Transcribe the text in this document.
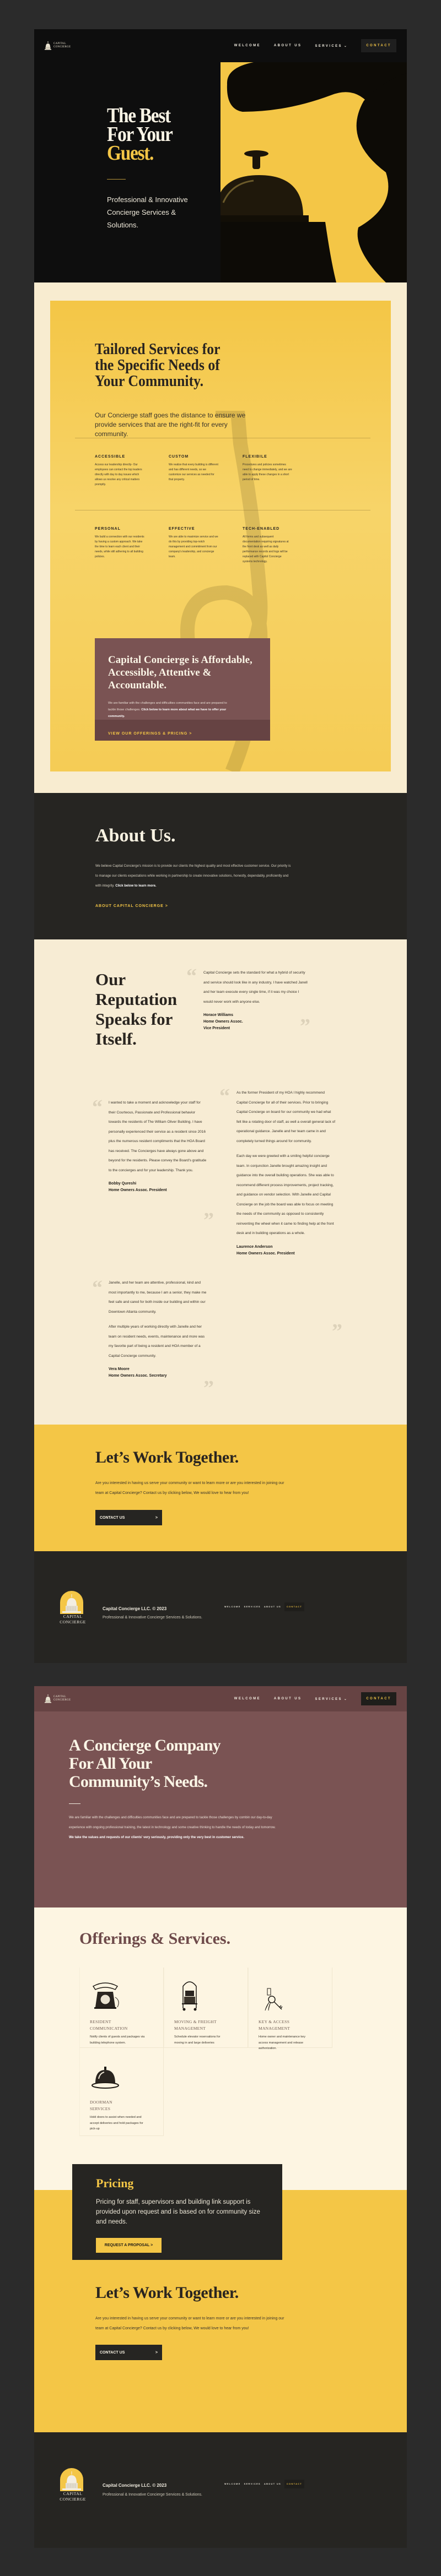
CAPITAL
CONCIERGE	WELCOME	ABOUT US	SERVICES ⌄	CONTACT
The Best
For Your
Guest.

Professional & Innovative Concierge Services & Solutions.

Tailored Services for the Specific Needs of Your Community.

Our Concierge staff goes the distance to ensure we provide services that are the right-fit for every community.

ACCESSIBLE

Access our leadership directly- Our employees can contact the top leaders directly with day to day issues which allows us resolve any critical matters promptly.

CUSTOM

We realize that every building is different and has different needs, so we customize our services as needed for that property.

FLEXIBILE

Procedures and policies sometimes need to change immediately, and we are able to apply these changes in a short period of time.

PERSONAL

We build a connection with our residents by having a custom approach. We take the time to learn each client and their needs, while still adhering to all building policies.

EFFECTIVE

We are able to maximize service and we do this by providing top-notch management and commitment from our company's leadership, and concierge team.

TECH-ENABLED

All forms and subsequent documentation requiring signatures at the front desk as well as daily performance records and logs will be replaced with Capitol Concierge systems technology.

Capital Concierge is Affordable, Accessible, Attentive & Accountable.

We are familiar with the challenges and difficulties communities face and are prepared to tackle those challenges. Click below to learn more about what we have to offer your community.

VIEW OUR OFFERINGS & PRICING >
About Us.

We believe Capital Concierge's mission is to provide our clients the highest quality and most effective customer service. Our priority is to manage our clients expectations while working in partnership to create innovative solutions, honestly, dependably, proficiently and with integrity. Click below to learn more.

ABOUT CAPITAL CONCIERGE >
Our Reputation Speaks for Itself.
“ Capital Concierge sets the standard for what a hybrid of security and service should look like in any industry, I have watched Janell and her team execute every single time, if it was my choice I would never work with anyone else.
Horace Williams
Home Owners Assoc.
Vice President	”
“ I wanted to take a moment and acknowledge your staff for their Courteous, Passionate and Professional behavior towards the residents of The William Oliver Building. I have personally experienced their service as a resident since 2016 plus the numerous resident compliments that the HOA Board has received. The Concierges have always gone above and beyond for the residents. Please convey the Board's gratitude to the concierges and for your leadership. Thank you.
Bobby Qureshi
Home Owners Assoc. President
”
“ As the former President of my HOA I highly recommend Capital Concierge for all of their services. Prior to bringing Capital Concierge on board for our community we had what felt like a rotating door of staff, as well a overall general lack of operational guidance. Janelle and her team came in and completely turned things around for community.
Each day we were greeted with a smiling helpful concierge team. In conjunction Janelle brought amazing insight and guidance into the overall building operations. She was able to recommend different process improvements, project tracking, and guidance on vendor selection. With Janelle and Capital Concierge on the job the board was able to focus on meeting the needs of the community as opposed to consistently reinventing the wheel when it came to finding help at the front desk and in building operations as a whole.
Laurence Anderson
Home Owners Assoc. President
”
“ Janelle, and her team are attentive, professional, kind and most importantly to me, because I am a senior, they make me feel safe and cared for both inside our building and within our Downtown Atlanta community.
After multiple years of working directly with Janelle and her team on resident needs, events, maintenance and more was my favorite part of being a resident and HOA member of a Capital Concierge community.
Vera Moore
Home Owners Assoc. Secretary
”
Let’s Work Together.

Are you interested in having us serve your community or want to learn more or are you interested in joining our team at Capital Concierge? Contact us by clicking below, We would love to hear from you!

CONTACT US	>
CAPITAL
CONCIERGE
Capital Concierge LLC. © 2023
Professional & Innovative Concierge Services & Solutions.
WELCOME SERVICES ABOUT US	CONTACT
CAPITAL
CONCIERGE	WELCOME	ABOUT US	SERVICES ⌄	CONTACT
A Concierge Company For All Your Community’s Needs.

We are familiar with the challenges and difficulties communities face and are prepared to tackle those challenges by combin our day-to-day experience with ongoing professional training, the latest in technology and some creative thinking to handle the needs of today and tomorrow. We take the values and requests of our clients' very seriously, providing only the very best in customer service.

Offerings & Services.
RESIDENT
COMMUNICATION

Notify clients of guests and packages via building telephone system.

MOVING & FREIGHT
MANAGEMENT

Schedule elevator reservations for moving in and large deliveries

KEY & ACCESS
MANAGEMENT

Home owner and maintenance key access management and release authorization.

DOORMAN
SERVICES

Hold doors to assist when needed and accept deliveries and hold packages for pick-up

Pricing

Pricing for staff, supervisors and building link support is provided upon request and is based on for community size and needs.

REQUEST A PROPOSAL >
Let’s Work Together.

Are you interested in having us serve your community or want to learn more or are you interested in joining our team at Capital Concierge? Contact us by clicking below, We would love to hear from you!

CONTACT US	>
CAPITAL
CONCIERGE
Capital Concierge LLC. © 2023
Professional & Innovative Concierge Services & Solutions.
WELCOME SERVICES ABOUT US	CONTACT
